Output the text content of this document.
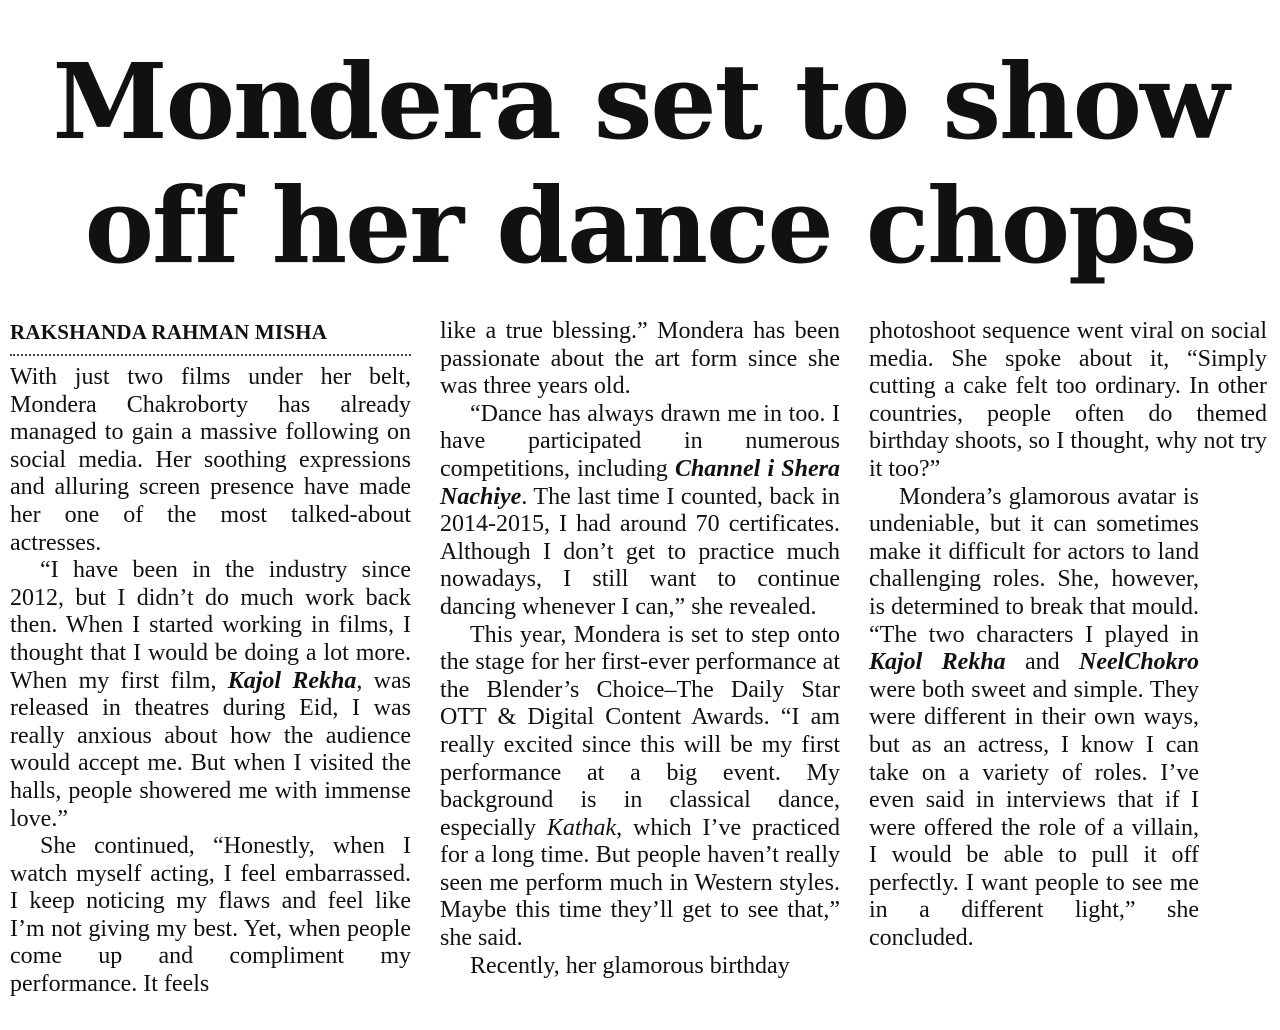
Mondera set to show
off her dance chops
RAKSHANDA RAHMAN MISHA

With just two films under her belt, Mondera Chakroborty has already managed to gain a massive following on social media. Her soothing expressions and alluring screen presence have made her one of the most talked-about actresses.

“I have been in the industry since 2012, but I didn’t do much work back then. When I started working in films, I thought that I would be doing a lot more. When my first film, Kajol Rekha, was released in theatres during Eid, I was really anxious about how the audience would accept me. But when I visited the halls, people showered me with immense love.”

She continued, “Honestly, when I watch myself acting, I feel embarrassed. I keep noticing my flaws and feel like I’m not giving my best. Yet, when people come up and compliment my performance. It feels

like a true blessing.” Mondera has been passionate about the art form since she was three years old.

“Dance has always drawn me in too. I have participated in numerous competitions, including Channel i Shera Nachiye. The last time I counted, back in 2014-2015, I had around 70 certificates. Although I don’t get to practice much nowadays, I still want to continue dancing whenever I can,” she revealed.

This year, Mondera is set to step onto the stage for her first-ever performance at the Blender’s Choice–The Daily Star OTT & Digital Content Awards. “I am really excited since this will be my first performance at a big event. My background is in classical dance, especially Kathak, which I’ve practiced for a long time. But people haven’t really seen me perform much in Western styles. Maybe this time they’ll get to see that,” she said.

Recently, her glamorous birthday

photoshoot sequence went viral on social media. She spoke about it, “Simply cutting a cake felt too ordinary. In other countries, people often do themed birthday shoots, so I thought, why not try it too?”

Mondera’s glamorous avatar is undeniable, but it can sometimes make it difficult for actors to land challenging roles. She, however, is determined to break that mould. “The two characters I played in Kajol Rekha and NeelChokro were both sweet and simple. They were different in their own ways, but as an actress, I know I can take on a variety of roles. I’ve even said in interviews that if I were offered the role of a villain, I would be able to pull it off perfectly. I want people to see me in a different light,” she concluded.
